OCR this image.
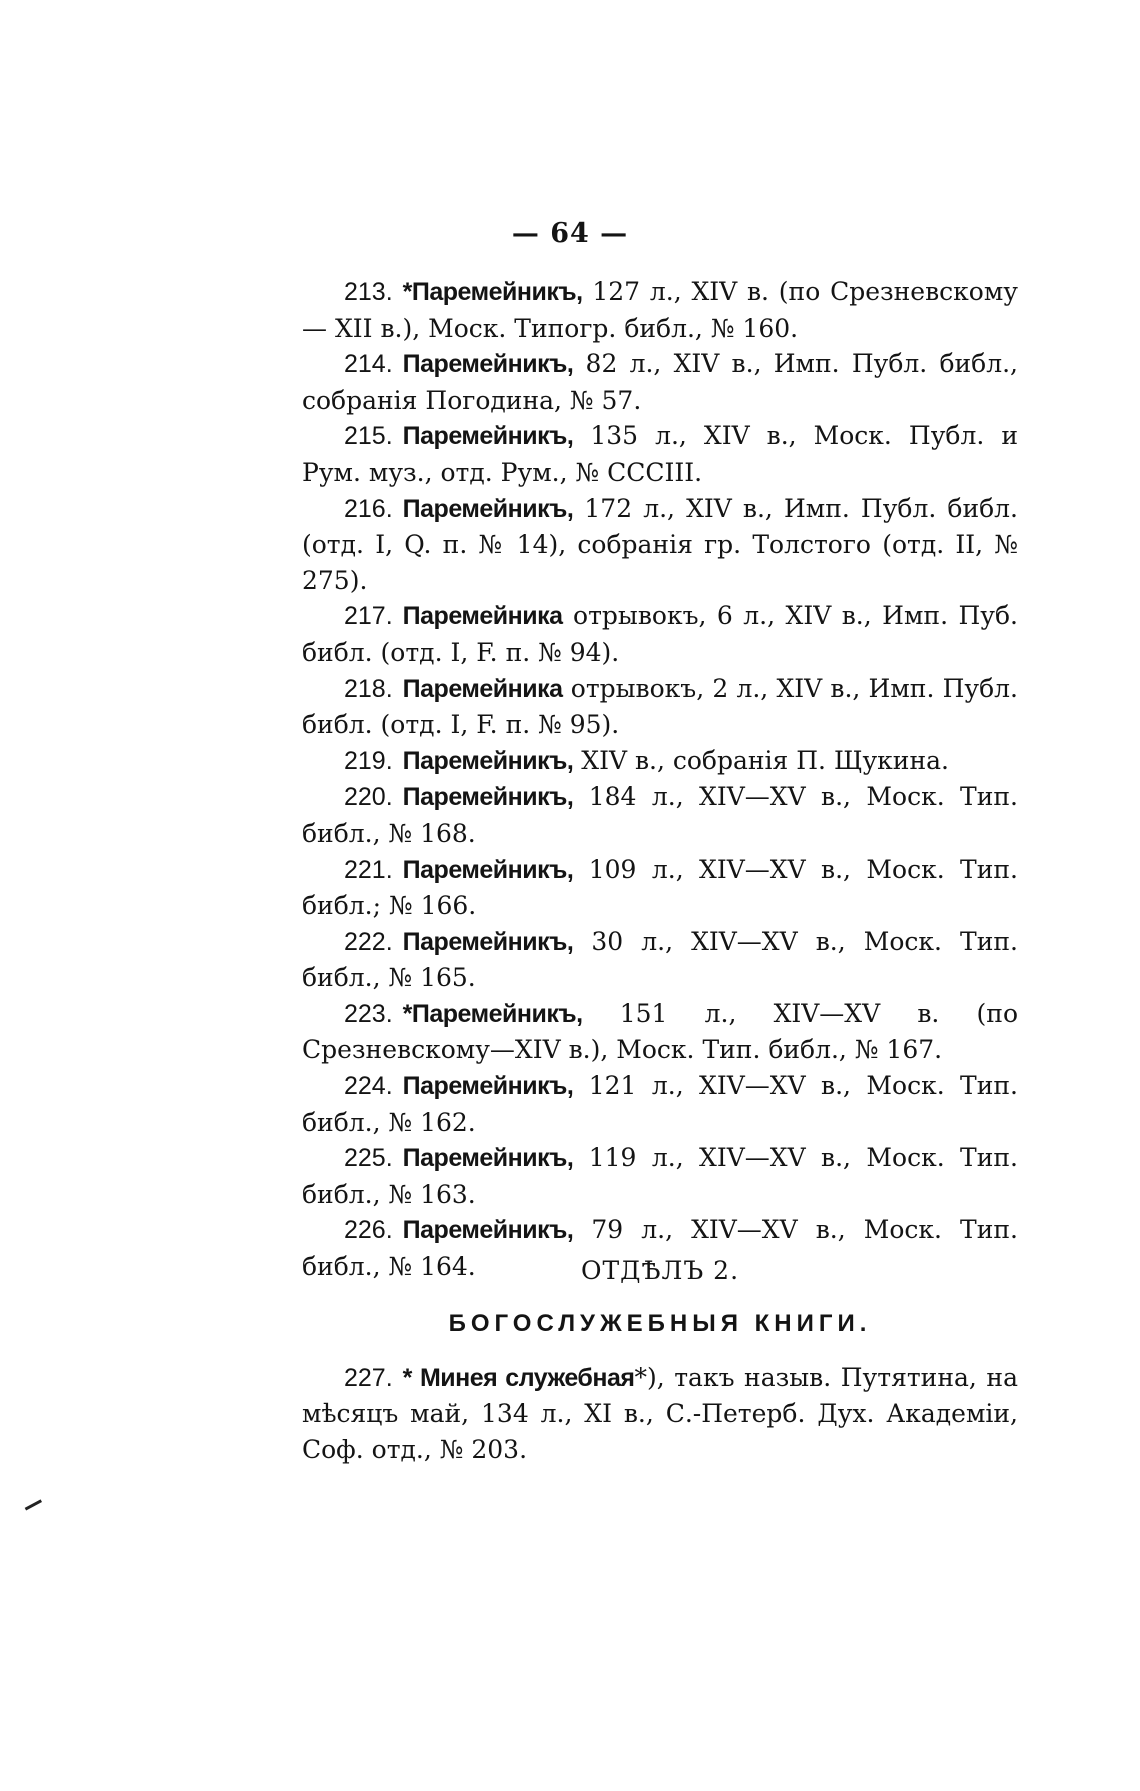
— 64 —

213. *Паремейникъ, 127 л., XIV в. (по Срезневскому — XII в.), Моск. Типогр. библ., № 160.

214. Паремейникъ, 82 л., XIV в., Имп. Публ. библ., собранія Погодина, № 57.

215. Паремейникъ, 135 л., XIV в., Моск. Публ. и Рум. муз., отд. Рум., № CCCIII.

216. Паремейникъ, 172 л., XIV в., Имп. Публ. библ. (отд. I, Q. п. № 14), собранія гр. Толстого (отд. II, № 275).

217. Паремейника отрывокъ, 6 л., XIV в., Имп. Пуб. библ. (отд. I, F. п. № 94).

218. Паремейника отрывокъ, 2 л., XIV в., Имп. Публ. библ. (отд. I, F. п. № 95).

219. Паремейникъ, XIV в., собранія П. Щукина.

220. Паремейникъ, 184 л., XIV—XV в., Моск. Тип. библ., № 168.

221. Паремейникъ, 109 л., XIV—XV в., Моск. Тип. библ.; № 166.

222. Паремейникъ, 30 л., XIV—XV в., Моск. Тип. библ., № 165.

223. *Паремейникъ, 151 л., XIV—XV в. (по Срезневскому—XIV в.), Моск. Тип. библ., № 167.

224. Паремейникъ, 121 л., XIV—XV в., Моск. Тип. библ., № 162.

225. Паремейникъ, 119 л., XIV—XV в., Моск. Тип. библ., № 163.

226. Паремейникъ, 79 л., XIV—XV в., Моск. Тип. библ., № 164.	ОТДѢЛЪ 2.
БОГОСЛУЖЕБНЫЯ КНИГИ.

227. * Минея служебная*), такъ назыв. Путятина, на мѣсяцъ май, 134 л., XI в., С.-Петерб. Дух. Академіи, Соф. отд., № 203.
